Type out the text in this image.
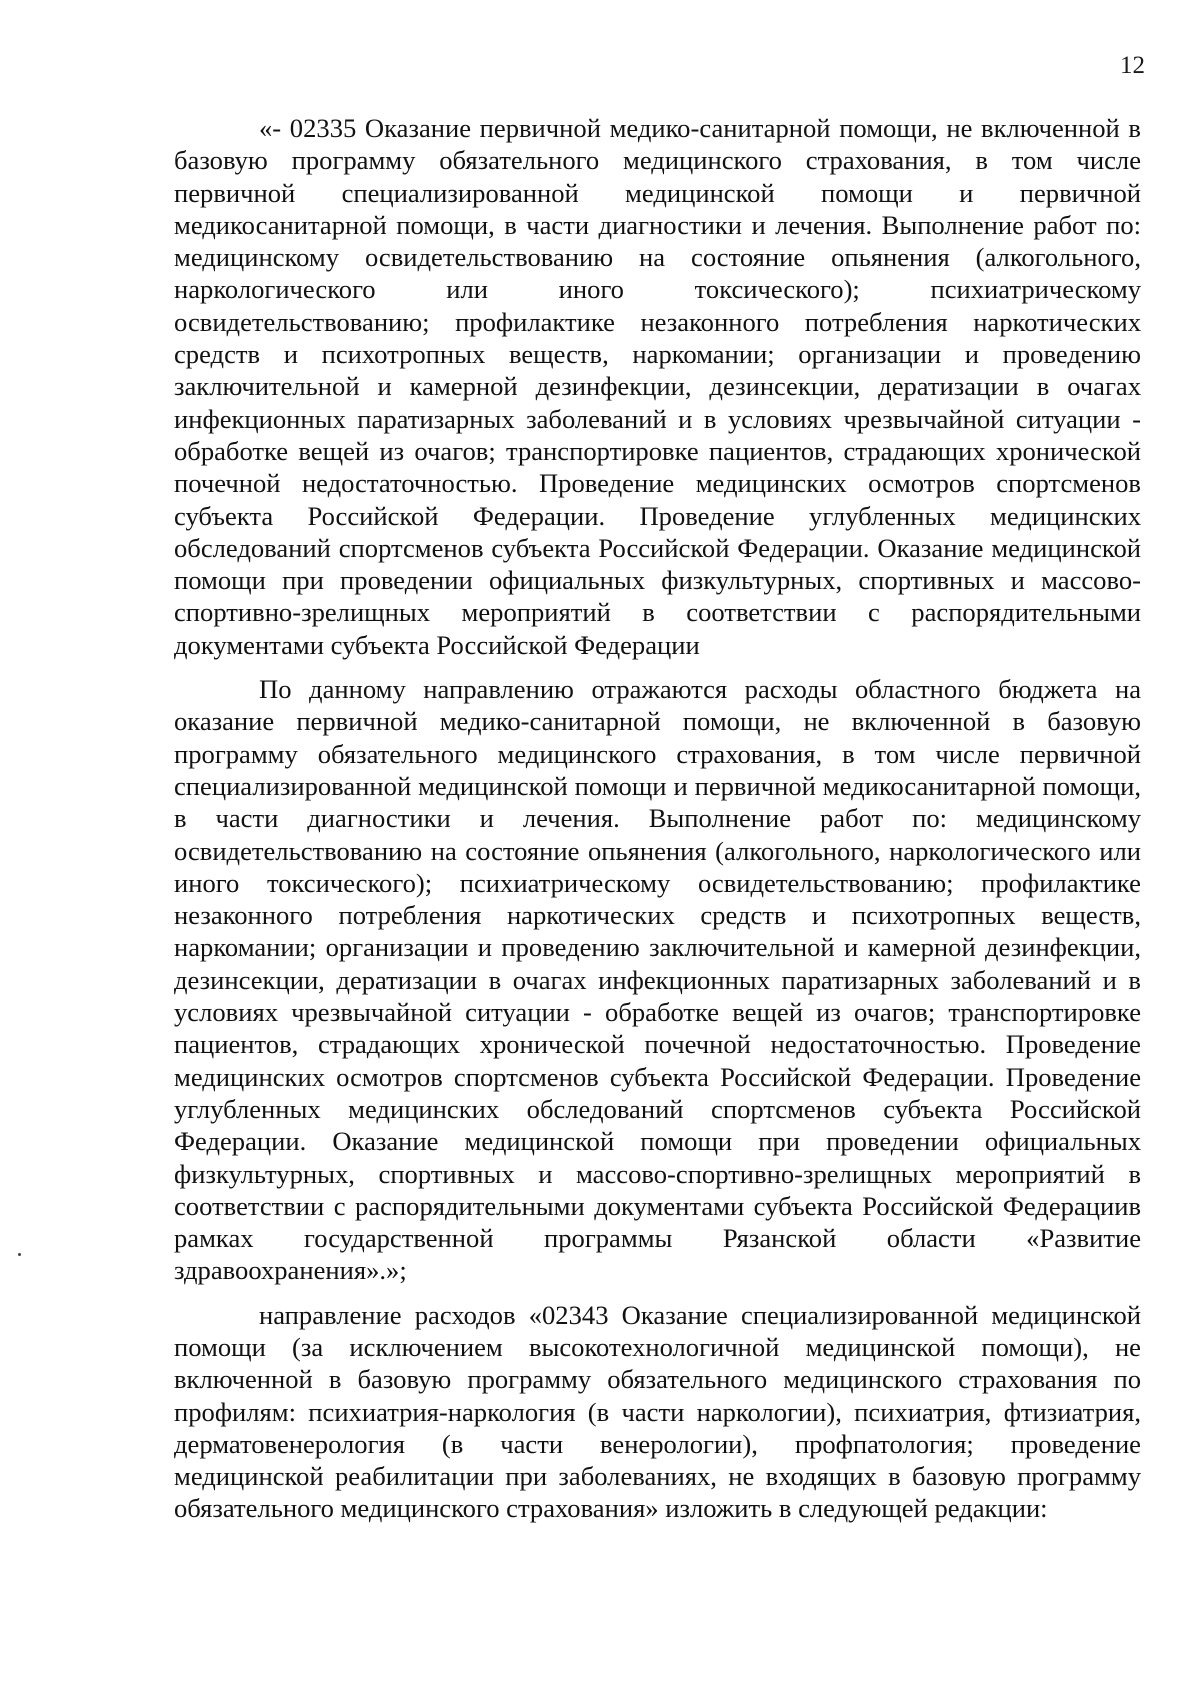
12

«- 02335 Оказание первичной медико-санитарной помощи, не включенной в базовую программу обязательного медицинского страхования, в том числе первичной специализированной медицинской помощи и первичной медикосанитарной помощи, в части диагностики и лечения. Выполнение работ по: медицинскому освидетельствованию на состояние опьянения (алкогольного, наркологического или иного токсического); психиатрическому освидетельствованию; профилактике незаконного потребления наркотических средств и психотропных веществ, наркомании; организации и проведению заключительной и камерной дезинфекции, дезинсекции, дератизации в очагах инфекционных паратизарных заболеваний и в условиях чрезвычайной ситуации - обработке вещей из очагов; транспортировке пациентов, страдающих хронической почечной недостаточностью. Проведение медицинских осмотров спортсменов субъекта Российской Федерации. Проведение углубленных медицинских обследований спортсменов субъекта Российской Федерации. Оказание медицинской помощи при проведении официальных физкультурных, спортивных и массово-спортивно-зрелищных мероприятий в соответствии с распорядительными документами субъекта Российской Федерации

По данному направлению отражаются расходы областного бюджета на оказание первичной медико-санитарной помощи, не включенной в базовую программу обязательного медицинского страхования, в том числе первичной специализированной медицинской помощи и первичной медикосанитарной помощи, в части диагностики и лечения. Выполнение работ по: медицинскому освидетельствованию на состояние опьянения (алкогольного, наркологического или иного токсического); психиатрическому освидетельствованию; профилактике незаконного потребления наркотических средств и психотропных веществ, наркомании; организации и проведению заключительной и камерной дезинфекции, дезинсекции, дератизации в очагах инфекционных паратизарных заболеваний и в условиях чрезвычайной ситуации - обработке вещей из очагов; транспортировке пациентов, страдающих хронической почечной недостаточностью. Проведение медицинских осмотров спортсменов субъекта Российской Федерации. Проведение углубленных медицинских обследований спортсменов субъекта Российской Федерации. Оказание медицинской помощи при проведении официальных физкультурных, спортивных и массово-спортивно-зрелищных мероприятий в соответствии с распорядительными документами субъекта Российской Федерациив рамках государственной программы Рязанской области «Развитие здравоохранения».»;

направление расходов «02343 Оказание специализированной медицинской помощи (за исключением высокотехнологичной медицинской помощи), не включенной в базовую программу обязательного медицинского страхования по профилям: психиатрия-наркология (в части наркологии), психиатрия, фтизиатрия, дерматовенерология (в части венерологии), профпатология; проведение медицинской реабилитации при заболеваниях, не входящих в базовую программу обязательного медицинского страхования» изложить в следующей редакции:
